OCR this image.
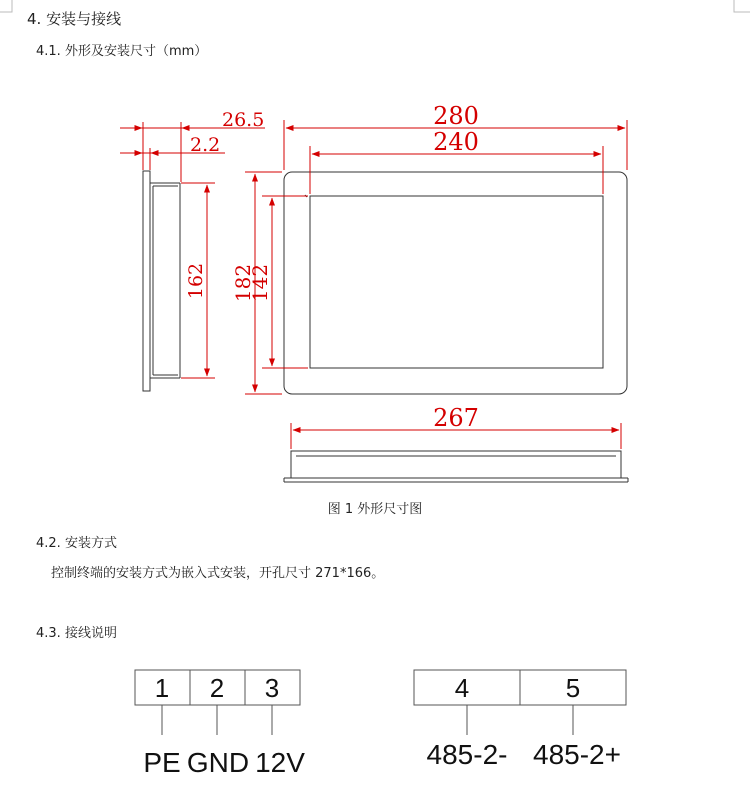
4. 安装与接线
4.1. 外形及安装尺寸（mm）
26.5
2.2
162
280
240
182
142
267
图 1 外形尺寸图
4.2. 安装方式
控制终端的安装方式为嵌入式安装，开孔尺寸 271*166。
4.3. 接线说明
1 2 3
PE GND 12V
4	5
485-2- 485-2+
